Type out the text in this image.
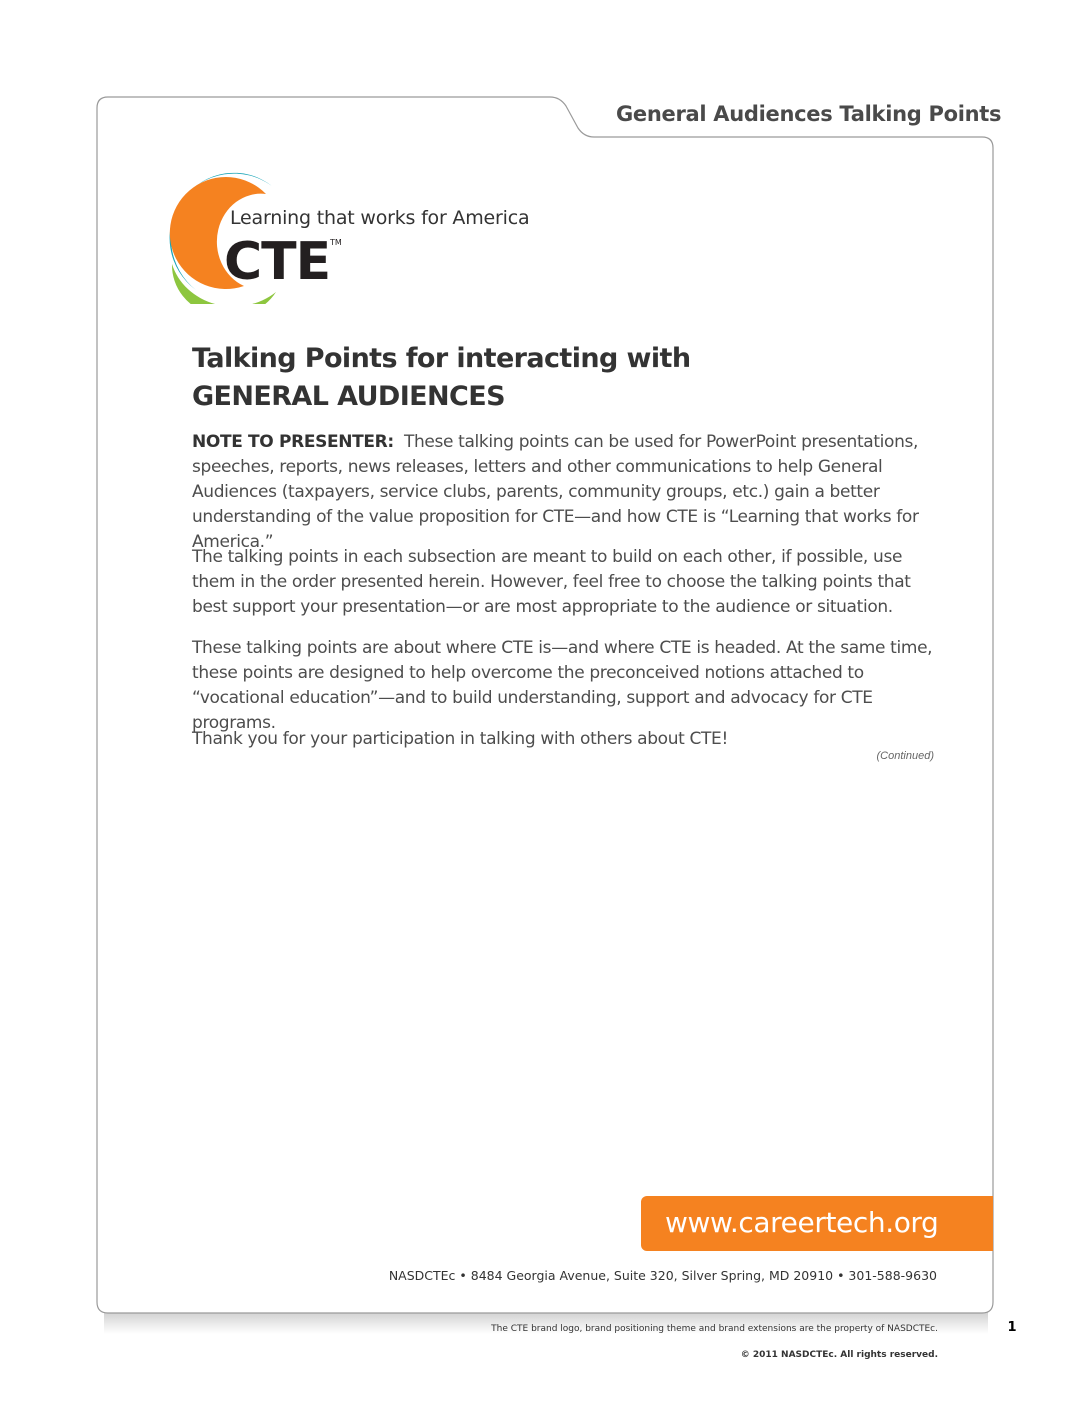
General Audiences Talking Points
Learning that works for America
CTE TM
Talking Points for interacting with
GENERAL AUDIENCES

NOTE TO PRESENTER: These talking points can be used for PowerPoint presentations, speeches, reports, news releases, letters and other communications to help General Audiences (taxpayers, service clubs, parents, community groups, etc.) gain a better understanding of the value proposition for CTE—and how CTE is “Learning that works for America.”

The talking points in each subsection are meant to build on each other, if possible, use them in the order presented herein. However, feel free to choose the talking points that best support your presentation—or are most appropriate to the audience or situation.

These talking points are about where CTE is—and where CTE is headed. At the same time, these points are designed to help overcome the preconceived notions attached to “vocational education”—and to build understanding, support and advocacy for CTE programs.

Thank you for your participation in talking with others about CTE!

(Continued)
www.careertech.org
NASDCTEc • 8484 Georgia Avenue, Suite 320, Silver Spring, MD 20910 • 301-588-9630
The CTE brand logo, brand positioning theme and brand extensions are the property of NASDCTEc.
© 2011 NASDCTEc. All rights reserved.
1
